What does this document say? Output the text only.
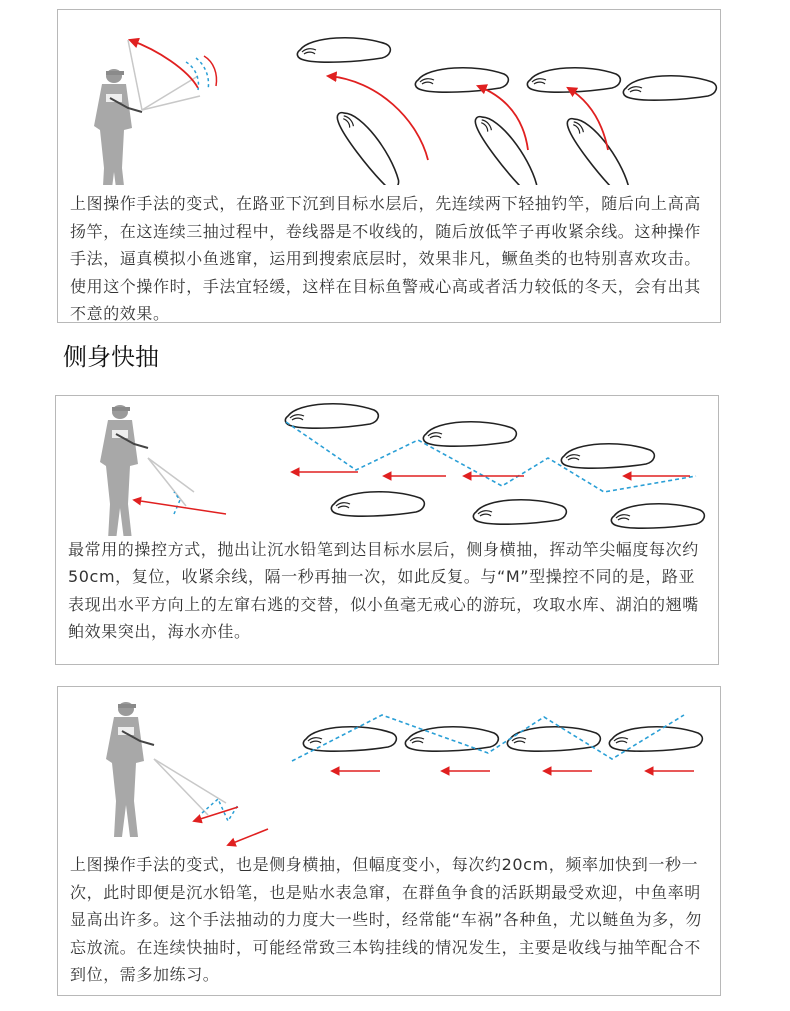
上图操作手法的变式，在路亚下沉到目标水层后，先连续两下轻抽钓竿，随后向上高高扬竿，在这连续三抽过程中，卷线器是不收线的，随后放低竿子再收紧余线。这种操作手法，逼真模拟小鱼逃窜，运用到搜索底层时，效果非凡，鳜鱼类的也特别喜欢攻击。使用这个操作时，手法宜轻缓，这样在目标鱼警戒心高或者活力较低的冬天，会有出其不意的效果。
侧身快抽
最常用的操控方式，抛出让沉水铅笔到达目标水层后，侧身横抽，挥动竿尖幅度每次约50cm，复位，收紧余线，隔一秒再抽一次，如此反复。与“M”型操控不同的是，路亚表现出水平方向上的左窜右逃的交替，似小鱼毫无戒心的游玩，攻取水库、湖泊的翘嘴鲌效果突出，海水亦佳。
上图操作手法的变式，也是侧身横抽，但幅度变小，每次约20cm，频率加快到一秒一次，此时即便是沉水铅笔，也是贴水表急窜，在群鱼争食的活跃期最受欢迎，中鱼率明显高出许多。这个手法抽动的力度大一些时，经常能“车祸”各种鱼，尤以鲢鱼为多，勿忘放流。在连续快抽时，可能经常致三本钩挂线的情况发生，主要是收线与抽竿配合不到位，需多加练习。
